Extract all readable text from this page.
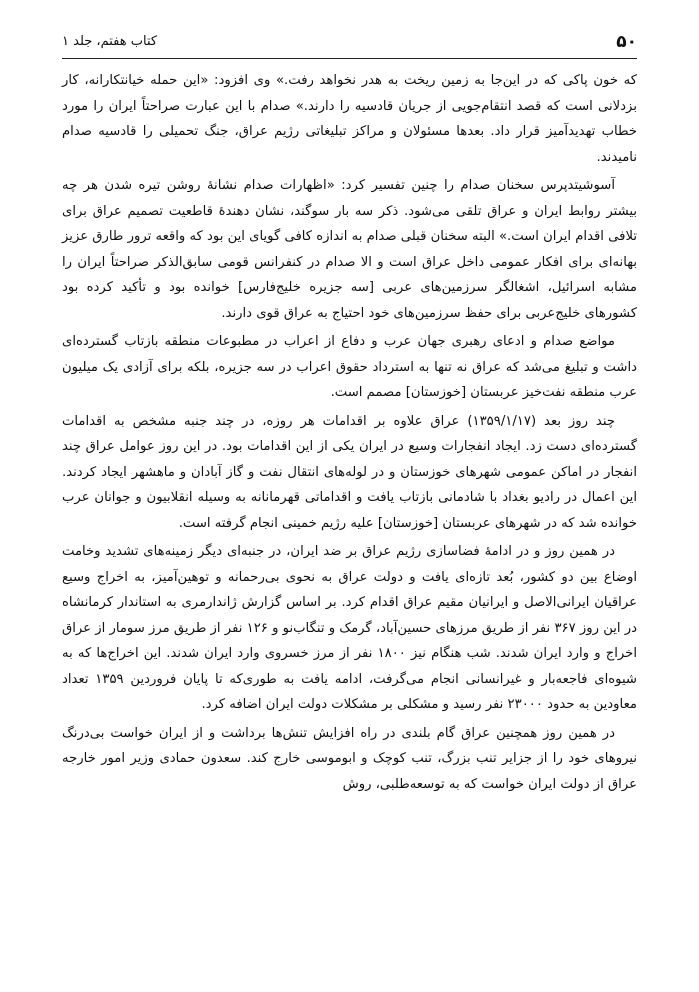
۵۰
کتاب هفتم، جلد ۱

که خون پاکی که در این‌جا به زمین ریخت به هدر نخواهد رفت.» وی افزود: «این حمله خیانتکارانه، کار بزدلانی است که قصد انتقام‌جویی از جریان قادسیه را دارند.» صدام با این عبارت صراحتاً ایران را مورد خطاب تهدیدآمیز قرار داد. بعدها مسئولان و مراکز تبلیغاتی رژیم عراق، جنگ تحمیلی را قادسیه صدام نامیدند.

آسوشیتدپرس سخنان صدام را چنین تفسیر کرد: «اظهارات صدام نشانهٔ روشن تیره شدن هر چه بیشتر روابط ایران و عراق تلقی می‌شود. ذکر سه بار سوگند، نشان دهندهٔ قاطعیت تصمیم عراق برای تلافی اقدام ایران است.» البته سخنان قبلی صدام به اندازه کافی گویای این بود که واقعه ترور طارق عزیز بهانه‌ای برای افکار عمومی داخل عراق است و الا صدام در کنفرانس قومی سابق‌الذکر صراحتاً ایران را مشابه اسرائیل، اشغالگر سرزمین‌های عربی [سه جزیره خلیج‌فارس] خوانده بود و تأکید کرده بود کشورهای خلیج‌عربی برای حفظ سرزمین‌های خود احتیاج به عراق قوی دارند.

مواضع صدام و ادعای رهبری جهان عرب و دفاع از اعراب در مطبوعات منطقه بازتاب گسترده‌ای داشت و تبلیغ می‌شد که عراق نه تنها به استرداد حقوق اعراب در سه جزیره، بلکه برای آزادی یک میلیون عرب منطقه نفت‌خیز عربستان [خوزستان] مصمم است.

چند روز بعد (۱۳۵۹/۱/۱۷) عراق علاوه بر اقدامات هر روزه، در چند جنبه مشخص به اقدامات گسترده‌ای دست زد. ایجاد انفجارات وسیع در ایران یکی از این اقدامات بود. در این روز عوامل عراق چند انفجار در اماکن عمومی شهرهای خوزستان و در لوله‌های انتقال نفت و گاز آبادان و ماهشهر ایجاد کردند. این اعمال در رادیو بغداد با شادمانی بازتاب یافت و اقداماتی قهرمانانه به وسیله انقلابیون و جوانان عرب خوانده شد که در شهرهای عربستان [خوزستان] علیه رژیم خمینی انجام گرفته است.

در همین روز و در ادامهٔ فضاسازی رژیم عراق بر ضد ایران، در جنبه‌ای دیگر زمینه‌های تشدید وخامت اوضاع بین دو کشور، بُعد تازه‌ای یافت و دولت عراق به نحوی بی‌رحمانه و توهین‌آمیز، به اخراج وسیع عراقیان ایرانی‌الاصل و ایرانیان مقیم عراق اقدام کرد. بر اساس گزارش ژاندارمری به استاندار کرمانشاه در این روز ۳۶۷ نفر از طریق مرزهای حسین‌آباد، گرمک و تنگاب‌نو و ۱۲۶ نفر از طریق مرز سومار از عراق اخراج و وارد ایران شدند. شب هنگام نیز ۱۸۰۰ نفر از مرز خسروی وارد ایران شدند. این اخراج‌ها که به شیوه‌ای فاجعه‌بار و غیرانسانی انجام می‌گرفت، ادامه یافت به طوری‌که تا پایان فروردین ۱۳۵۹ تعداد معاودین به حدود ۲۳۰۰۰ نفر رسید و مشکلی بر مشکلات دولت ایران اضافه کرد.

در همین روز همچنین عراق گام بلندی در راه افزایش تنش‌ها برداشت و از ایران خواست بی‌درنگ نیروهای خود را از جزایر تنب بزرگ، تنب کوچک و ابوموسی خارج کند. سعدون حمادی وزیر امور خارجه عراق از دولت ایران خواست که به توسعه‌طلبی، روش
